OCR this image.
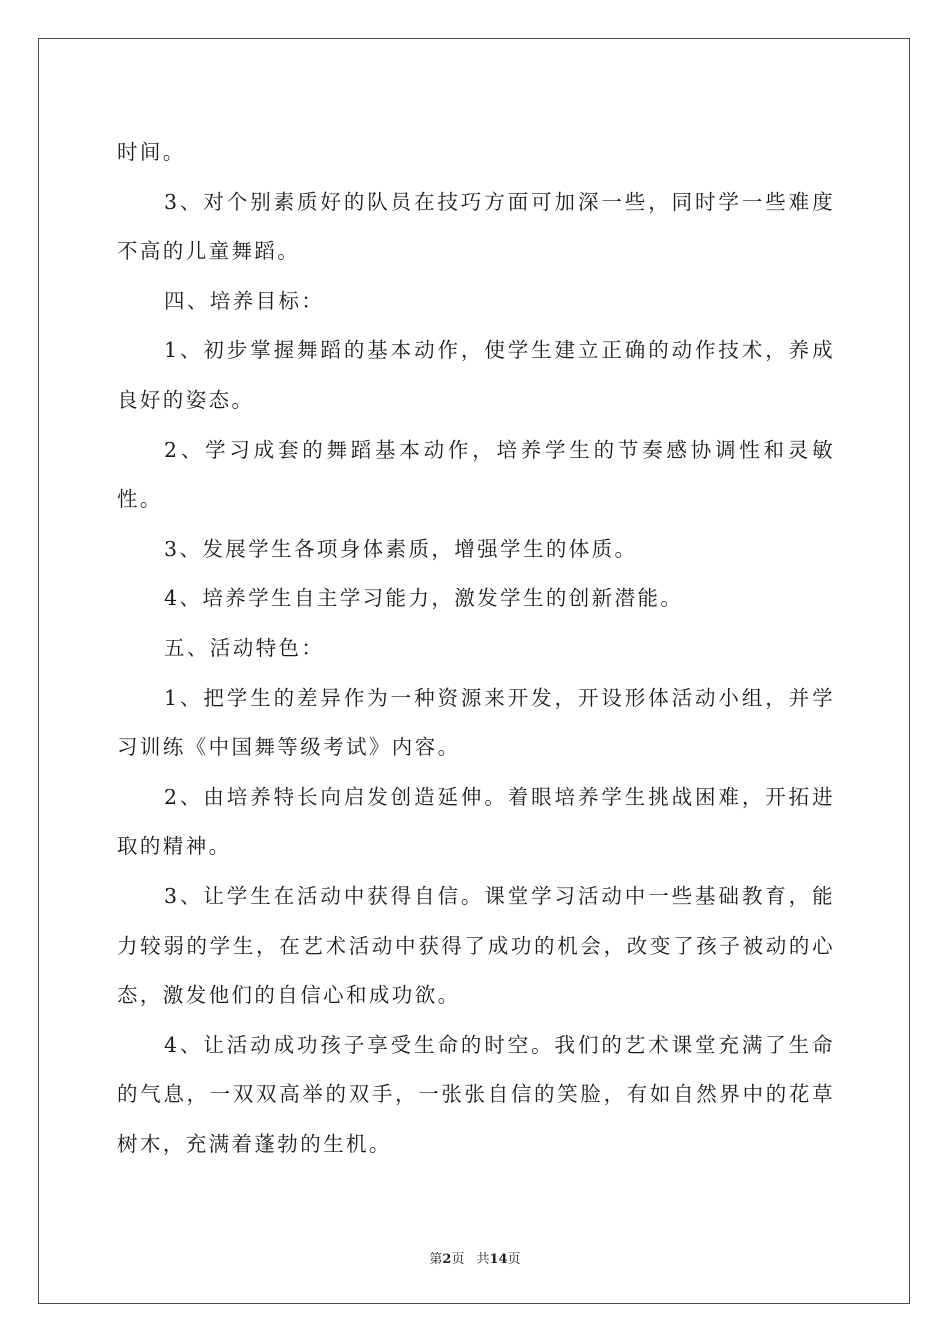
时间。

3、对个别素质好的队员在技巧方面可加深一些，同时学一些难度不高的儿童舞蹈。

四、培养目标：

1、初步掌握舞蹈的基本动作，使学生建立正确的动作技术，养成良好的姿态。

2、学习成套的舞蹈基本动作，培养学生的节奏感协调性和灵敏性。

3、发展学生各项身体素质，增强学生的体质。

4、培养学生自主学习能力，激发学生的创新潜能。

五、活动特色：

1、把学生的差异作为一种资源来开发，开设形体活动小组，并学习训练《中国舞等级考试》内容。

2、由培养特长向启发创造延伸。着眼培养学生挑战困难，开拓进取的精神。

3、让学生在活动中获得自信。课堂学习活动中一些基础教育，能力较弱的学生，在艺术活动中获得了成功的机会，改变了孩子被动的心态，激发他们的自信心和成功欲。

4、让活动成功孩子享受生命的时空。我们的艺术课堂充满了生命的气息，一双双高举的双手，一张张自信的笑脸，有如自然界中的花草树木，充满着蓬勃的生机。

第2页 共14页
